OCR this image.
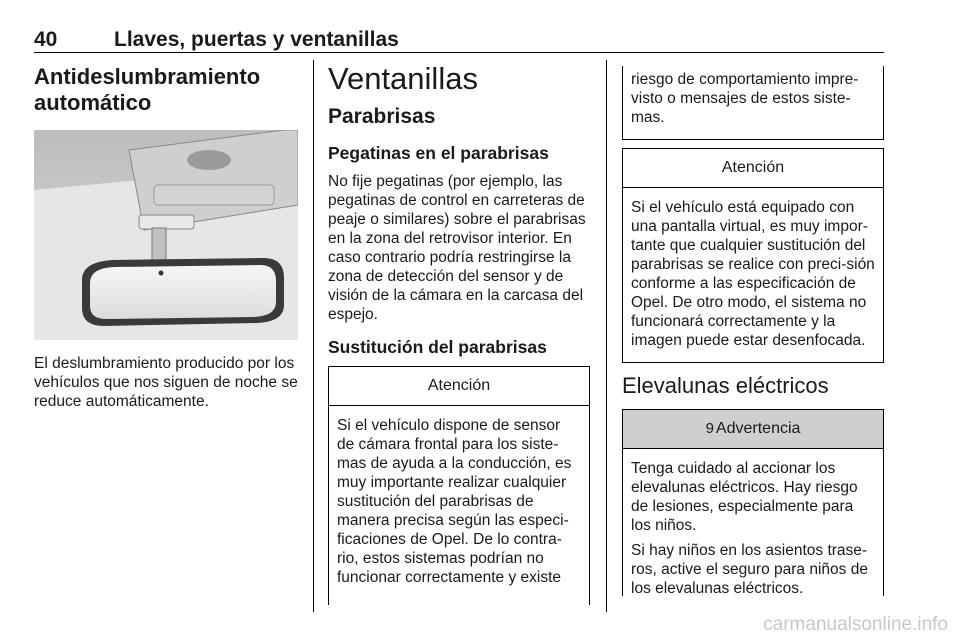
40	Llaves, puertas y ventanillas
Antideslumbramiento automático

El deslumbramiento producido por los vehículos que nos siguen de noche se reduce automáticamente.

Ventanillas
Parabrisas
Pegatinas en el parabrisas

No fije pegatinas (por ejemplo, las pegatinas de control en carreteras de peaje o similares) sobre el parabrisas en la zona del retrovisor interior. En caso contrario podría restringirse la zona de detección del sensor y de visión de la cámara en la carcasa del espejo.

Sustitución del parabrisas
Atención

Si el vehículo dispone de sensor de cámara frontal para los siste-mas de ayuda a la conducción, es muy importante realizar cualquier sustitución del parabrisas de manera precisa según las especi-ficaciones de Opel. De lo contra-rio, estos sistemas podrían no funcionar correctamente y existe

riesgo de comportamiento impre-visto o mensajes de estos siste-mas.

Atención

Si el vehículo está equipado con una pantalla virtual, es muy impor-tante que cualquier sustitución del parabrisas se realice con preci-sión conforme a las especificación de Opel. De otro modo, el sistema no funcionará correctamente y la imagen puede estar desenfocada.

Elevalunas eléctricos
9 Advertencia

Tenga cuidado al accionar los elevalunas eléctricos. Hay riesgo de lesiones, especialmente para los niños.

Si hay niños en los asientos trase-ros, active el seguro para niños de los elevalunas eléctricos.

carmanualsonline.info
